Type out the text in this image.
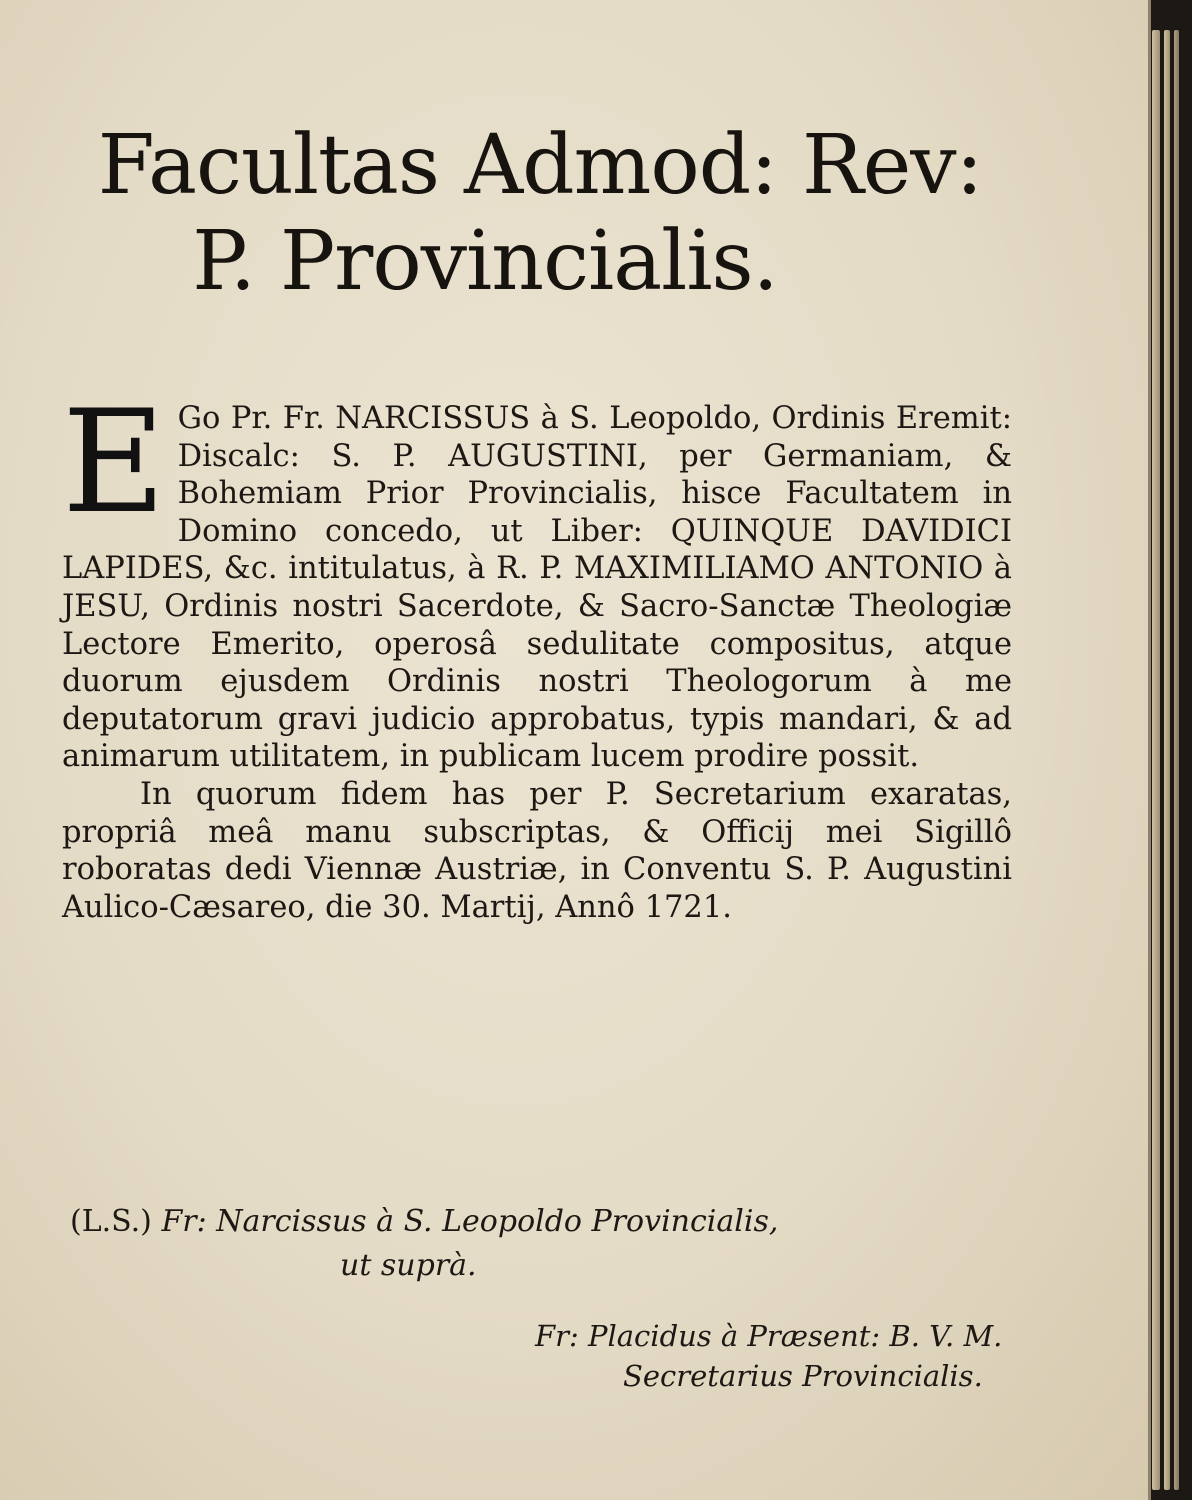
Facultas Admod: Rev:
P. Provincialis.
E Go Pr. Fr. NARCISSUS à S. Leopoldo, Ordinis Eremit: Discalc: S. P. AUGUSTINI, per Germaniam, & Bohemiam Prior Provincialis, hisce Facultatem in Domino concedo, ut Liber: QUINQUE DAVIDICI LAPIDES, &c. intitulatus, à R. P. MAXIMILIAMO ANTONIO à JESU, Ordinis nostri Sacerdote, & Sacro-Sanctæ Theologiæ Lectore Emerito, operosâ sedulitate compositus, atque duorum ejusdem Ordinis nostri Theologorum à me deputatorum gravi judicio approbatus, typis mandari, & ad animarum utilitatem, in publicam lucem prodire possit.

In quorum fidem has per P. Secretarium exaratas, propriâ meâ manu subscriptas, & Officij mei Sigillô roboratas dedi Viennæ Austriæ, in Conventu S. P. Augustini Aulico-Cæsareo, die 30. Martij, Annô 1721.

(L.S.) Fr: Narcissus à S. Leopoldo Provincialis,
ut suprà.
Fr: Placidus à Præsent: B. V. M.
Secretarius Provincialis.
